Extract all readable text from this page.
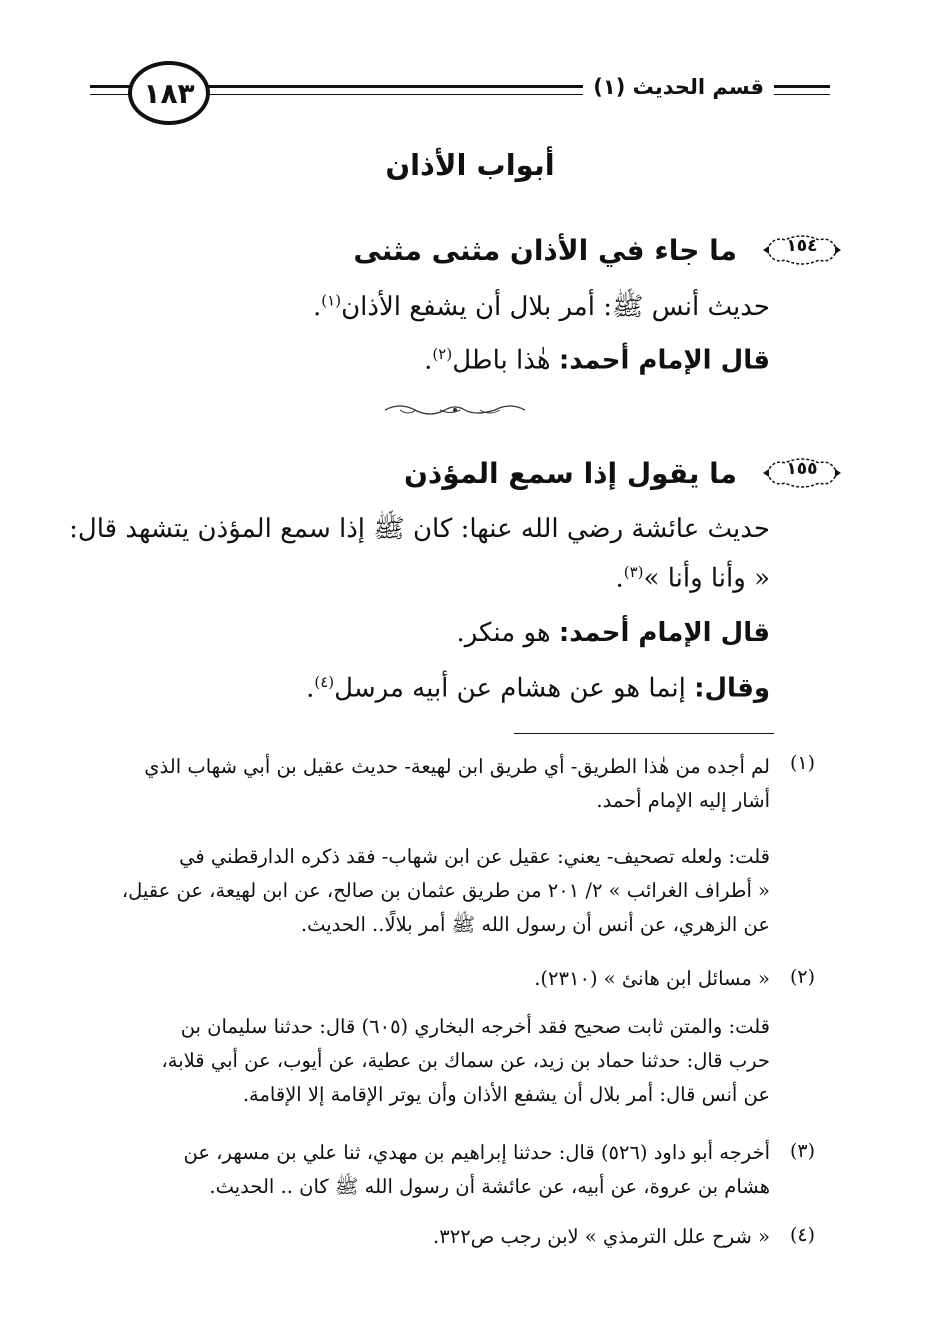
١٨٣	قسم الحديث (١)
أبواب الأذان
١٥٤
ما جاء في الأذان مثنى مثنى
حديث أنس ﷺ: أمر بلال أن يشفع الأذان$^{(١)}$.
قال الإمام أحمد: هٰذا باطل$^{(٢)}$.
١٥٥
ما يقول إذا سمع المؤذن
حديث عائشة رضي الله عنها: كان ﷺ إذا سمع المؤذن يتشهد قال:
« وأنا وأنا »$^{(٣)}$.
قال الإمام أحمد: هو منكر.
وقال: إنما هو عن هشام عن أبيه مرسل$^{(٤)}$.
(١)
لم أجده من هٰذا الطريق- أي طريق ابن لهيعة- حديث عقيل بن أبي شهاب الذي
أشار إليه الإمام أحمد.
قلت: ولعله تصحيف- يعني: عقيل عن ابن شهاب- فقد ذكره الدارقطني في
« أطراف الغرائب » ٢/ ٢٠١ من طريق عثمان بن صالح، عن ابن لهيعة، عن عقيل،
عن الزهري، عن أنس أن رسول الله ﷺ أمر بلالًا.. الحديث.
(٢)
« مسائل ابن هانئ » (٢٣١٠).
قلت: والمتن ثابت صحيح فقد أخرجه البخاري (٦٠٥) قال: حدثنا سليمان بن
حرب قال: حدثنا حماد بن زيد، عن سماك بن عطية، عن أيوب، عن أبي قلابة،
عن أنس قال: أمر بلال أن يشفع الأذان وأن يوتر الإقامة إلا الإقامة.
(٣)
أخرجه أبو داود (٥٢٦) قال: حدثنا إبراهيم بن مهدي، ثنا علي بن مسهر، عن
هشام بن عروة، عن أبيه، عن عائشة أن رسول الله ﷺ كان .. الحديث.
(٤)
« شرح علل الترمذي » لابن رجب ص٣٢٢.
